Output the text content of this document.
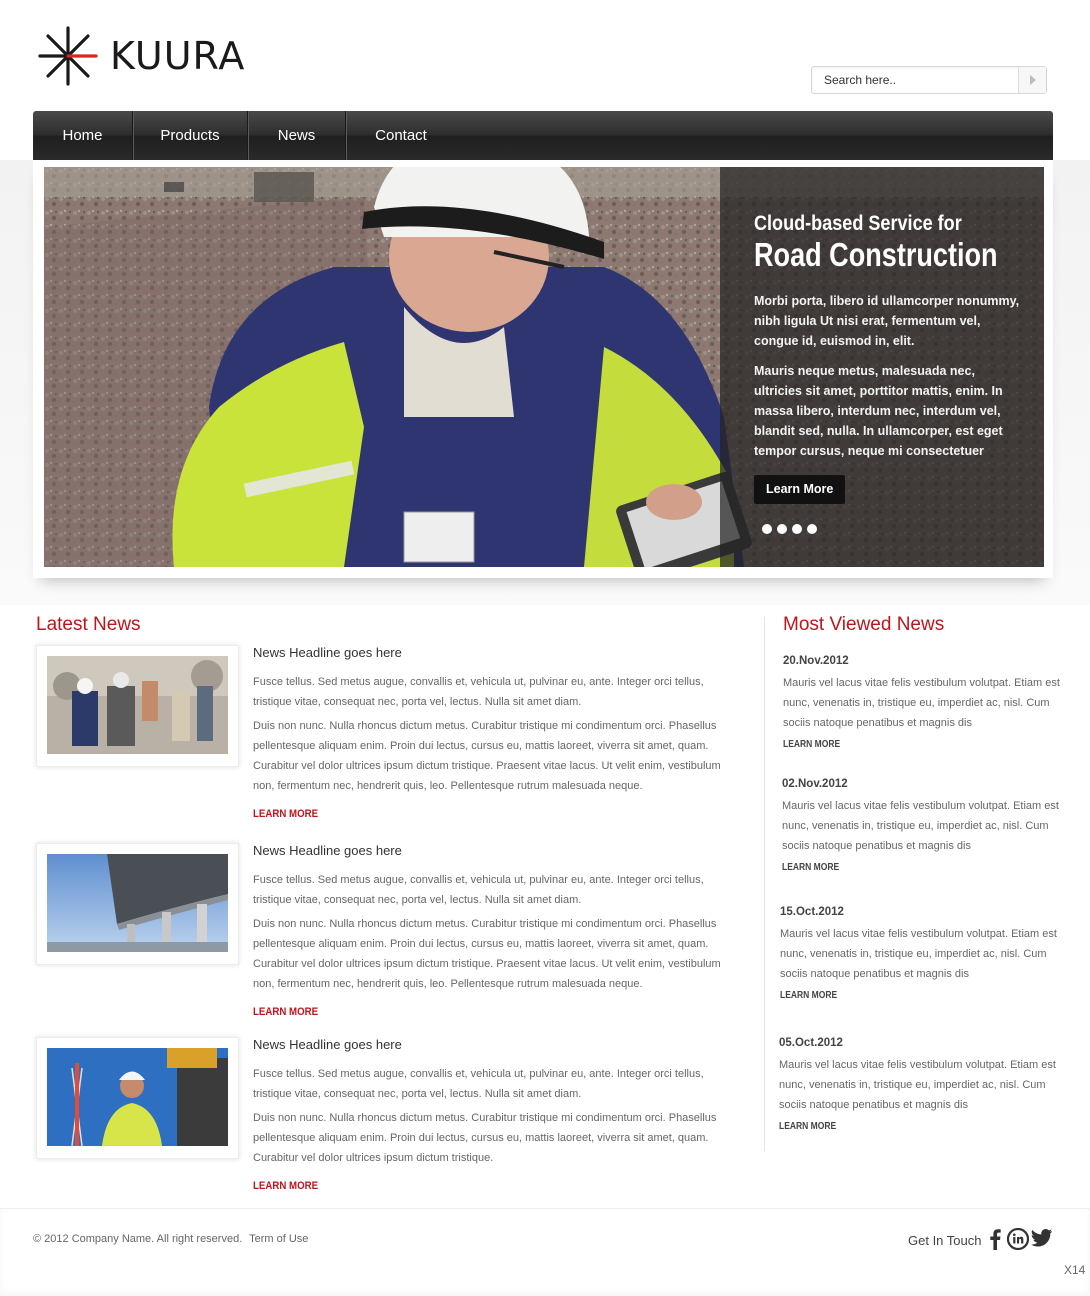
KUURA
Search here..
Home	Products	News	Contact
Cloud-based Service for
Road Construction

Morbi porta, libero id ullamcorper nonummy, nibh ligula Ut nisi erat, fermentum vel, congue id, euismod in, elit.

Mauris neque metus, malesuada nec, ultricies sit amet, porttitor mattis, enim. In massa libero, interdum nec, interdum vel, blandit sed, nulla. In ullamcorper, est eget tempor cursus, neque mi consectetuer

Learn More
Latest News
News Headline goes here

Fusce tellus. Sed metus augue, convallis et, vehicula ut, pulvinar eu, ante. Integer orci tellus, tristique vitae, consequat nec, porta vel, lectus. Nulla sit amet diam.

Duis non nunc. Nulla rhoncus dictum metus. Curabitur tristique mi condimentum orci. Phasellus pellentesque aliquam enim. Proin dui lectus, cursus eu, mattis laoreet, viverra sit amet, quam. Curabitur vel dolor ultrices ipsum dictum tristique. Praesent vitae lacus. Ut velit enim, vestibulum non, fermentum nec, hendrerit quis, leo. Pellentesque rutrum malesuada neque.

LEARN MORE
News Headline goes here

Fusce tellus. Sed metus augue, convallis et, vehicula ut, pulvinar eu, ante. Integer orci tellus, tristique vitae, consequat nec, porta vel, lectus. Nulla sit amet diam.

Duis non nunc. Nulla rhoncus dictum metus. Curabitur tristique mi condimentum orci. Phasellus pellentesque aliquam enim. Proin dui lectus, cursus eu, mattis laoreet, viverra sit amet, quam. Curabitur vel dolor ultrices ipsum dictum tristique. Praesent vitae lacus. Ut velit enim, vestibulum non, fermentum nec, hendrerit quis, leo. Pellentesque rutrum malesuada neque.

LEARN MORE
News Headline goes here

Fusce tellus. Sed metus augue, convallis et, vehicula ut, pulvinar eu, ante. Integer orci tellus, tristique vitae, consequat nec, porta vel, lectus. Nulla sit amet diam.

Duis non nunc. Nulla rhoncus dictum metus. Curabitur tristique mi condimentum orci. Phasellus pellentesque aliquam enim. Proin dui lectus, cursus eu, mattis laoreet, viverra sit amet, quam. Curabitur vel dolor ultrices ipsum dictum tristique.

LEARN MORE
Most Viewed News
20.Nov.2012
Mauris vel lacus vitae felis vestibulum volutpat. Etiam est nunc, venenatis in, tristique eu, imperdiet ac, nisl. Cum sociis natoque penatibus et magnis dis
LEARN MORE
02.Nov.2012
Mauris vel lacus vitae felis vestibulum volutpat. Etiam est nunc, venenatis in, tristique eu, imperdiet ac, nisl. Cum sociis natoque penatibus et magnis dis
LEARN MORE
15.Oct.2012
Mauris vel lacus vitae felis vestibulum volutpat. Etiam est nunc, venenatis in, tristique eu, imperdiet ac, nisl. Cum sociis natoque penatibus et magnis dis
LEARN MORE
05.Oct.2012
Mauris vel lacus vitae felis vestibulum volutpat. Etiam est nunc, venenatis in, tristique eu, imperdiet ac, nisl. Cum sociis natoque penatibus et magnis dis
LEARN MORE
© 2012 Company Name. All right reserved. Term of Use	Get In Touch
X14
